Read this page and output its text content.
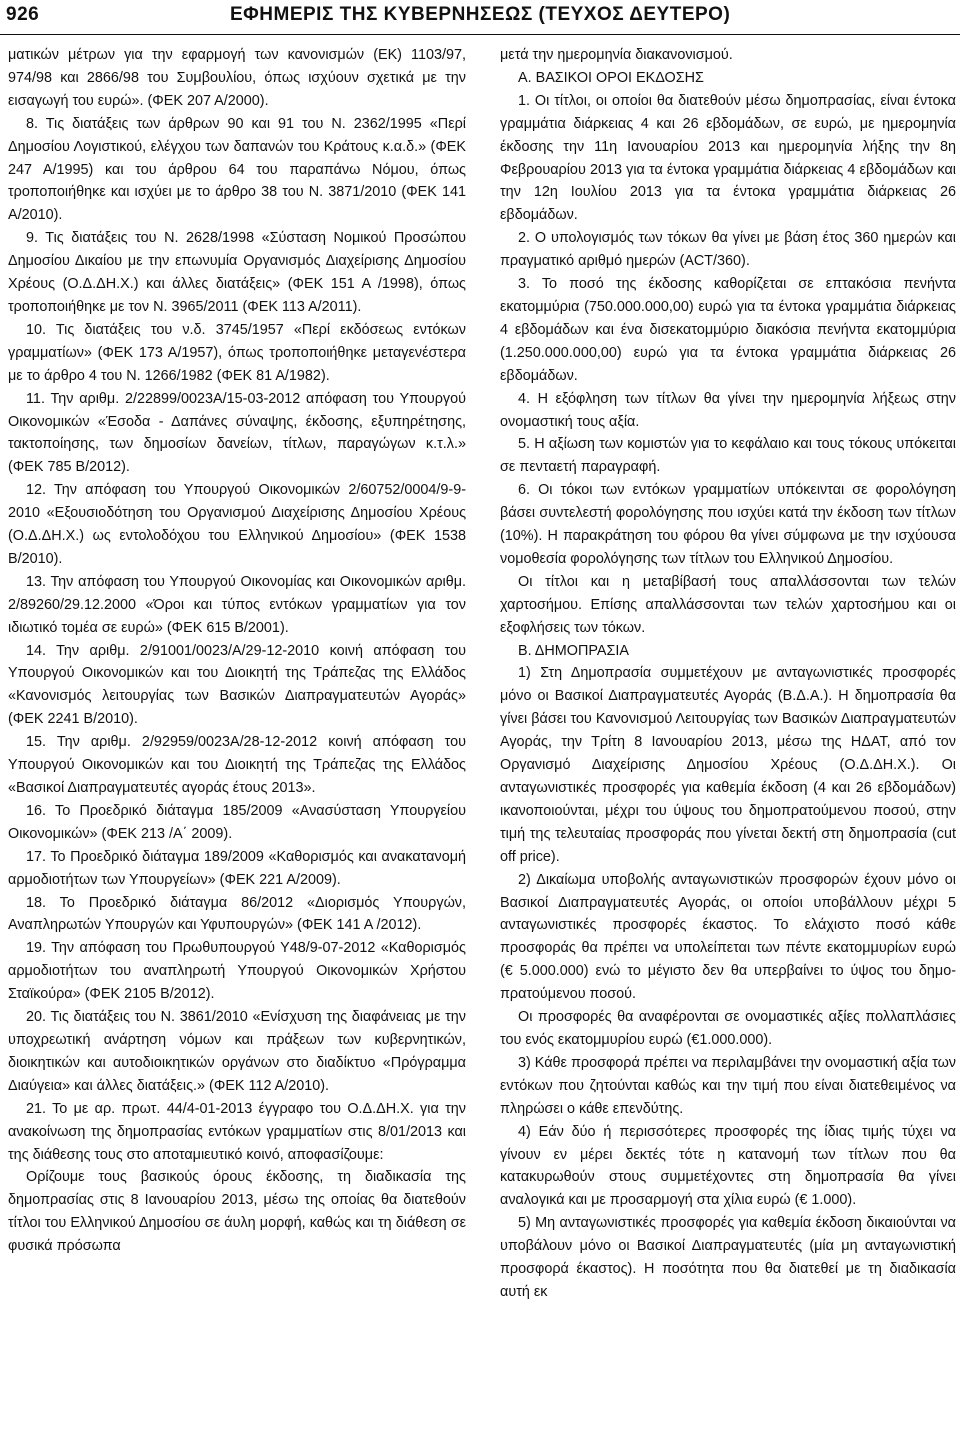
926	ΕΦΗΜΕΡΙΣ ΤΗΣ ΚΥΒΕΡΝΗΣΕΩΣ (ΤΕΥΧΟΣ ΔΕΥΤΕΡΟ)

ματικών μέτρων για την εφαρμογή των κανονισμών (ΕΚ) 1103/97, 974/98 και 2866/98 του Συμβουλίου, όπως ισχύουν σχετικά με την εισαγωγή του ευρώ». (ΦΕΚ 207 Α/2000).

8. Τις διατάξεις των άρθρων 90 και 91 του Ν. 2362/1995 «Περί Δημοσίου Λογιστικού, ελέγχου των δαπανών του Κράτους κ.α.δ.» (ΦΕΚ 247 Α/1995) και του άρθρου 64 του παραπάνω Νόμου, όπως τροποποιήθηκε και ισχύει με το άρθρο 38 του Ν. 3871/2010 (ΦΕΚ 141 Α/2010).

9. Τις διατάξεις του Ν. 2628/1998 «Σύσταση Νομικού Προσώπου Δημοσίου Δικαίου με την επωνυμία Οργανισμός Διαχείρισης Δημοσίου Χρέους (Ο.Δ.ΔΗ.Χ.) και άλλες διατάξεις» (ΦΕΚ 151 Α /1998), όπως τροποποιήθηκε με τον Ν. 3965/2011 (ΦΕΚ 113 Α/2011).

10. Τις διατάξεις του ν.δ. 3745/1957 «Περί εκδόσεως εντόκων γραμματίων» (ΦΕΚ 173 Α/1957), όπως τροποποιήθηκε μεταγενέστερα με το άρθρο 4 του Ν. 1266/1982 (ΦΕΚ 81 Α/1982).

11. Την αριθμ. 2/22899/0023Α/15-03-2012 απόφαση του Υπουργού Οικονομικών «Έσοδα - Δαπάνες σύναψης, έκδοσης, εξυπηρέτησης, τακτοποίησης, των δημοσίων δανείων, τίτλων, παραγώγων κ.τ.λ.» (ΦΕΚ 785 Β/2012).

12. Την απόφαση του Υπουργού Οικονομικών 2/60752/0004/9-9-2010 «Εξουσιοδότηση του Οργανισμού Διαχείρισης Δημοσίου Χρέους (Ο.Δ.ΔΗ.Χ.) ως εντολοδόχου του Ελληνικού Δημοσίου» (ΦΕΚ 1538 Β/2010).

13. Την απόφαση του Υπουργού Οικονομίας και Οικονομικών αριθμ. 2/89260/29.12.2000 «Όροι και τύπος εντόκων γραμματίων για τον ιδιωτικό τομέα σε ευρώ» (ΦΕΚ 615 Β/2001).

14. Την αριθμ. 2/91001/0023/Α/29-12-2010 κοινή απόφαση του Υπουργού Οικονομικών και του Διοικητή της Τράπεζας της Ελλάδος «Κανονισμός λειτουργίας των Βασικών Διαπραγματευτών Αγοράς» (ΦΕΚ 2241 Β/2010).

15. Την αριθμ. 2/92959/0023Α/28-12-2012 κοινή απόφαση του Υπουργού Οικονομικών και του Διοικητή της Τράπεζας της Ελλάδος «Βασικοί Διαπραγματευτές αγοράς έτους 2013».

16. Το Προεδρικό διάταγμα 185/2009 «Ανασύσταση Υπουργείου Οικονομικών» (ΦΕΚ 213 /Α΄ 2009).

17. Το Προεδρικό διάταγμα 189/2009 «Καθορισμός και ανακατανομή αρμοδιοτήτων των Υπουργείων» (ΦΕΚ 221 Α/2009).

18. Το Προεδρικό διάταγμα 86/2012 «Διορισμός Υπουργών, Αναπληρωτών Υπουργών και Υφυπουργών» (ΦΕΚ 141 Α /2012).

19. Την απόφαση του Πρωθυπουργού Υ48/9-07-2012 «Καθορισμός αρμοδιοτήτων του αναπληρωτή Υπουργού Οικονομικών Χρήστου Σταϊκούρα» (ΦΕΚ 2105 Β/2012).

20. Τις διατάξεις του Ν. 3861/2010 «Ενίσχυση της διαφάνειας με την υποχρεωτική ανάρτηση νόμων και πράξεων των κυβερνητικών, διοικητικών και αυτοδιοικητικών οργάνων στο διαδίκτυο «Πρόγραμμα Διαύγεια» και άλλες διατάξεις.» (ΦΕΚ 112 Α/2010).

21. Το με αρ. πρωτ. 44/4-01-2013 έγγραφο του Ο.Δ.ΔΗ.Χ. για την ανακοίνωση της δημοπρασίας εντόκων γραμματίων στις 8/01/2013 και της διάθεσης τους στο αποταμιευτικό κοινό, αποφασίζουμε:

Ορίζουμε τους βασικούς όρους έκδοσης, τη διαδικασία της δημοπρασίας στις 8 Ιανουαρίου 2013, μέσω της οποίας θα διατεθούν τίτλοι του Ελληνικού Δημοσίου σε άυλη μορφή, καθώς και τη διάθεση σε φυσικά πρόσωπα

μετά την ημερομηνία διακανονισμού.

Α. ΒΑΣΙΚΟΙ ΟΡΟΙ ΕΚΔΟΣΗΣ

1. Οι τίτλοι, οι οποίοι θα διατεθούν μέσω δημοπρασίας, είναι έντοκα γραμμάτια διάρκειας 4 και 26 εβδομάδων, σε ευρώ, με ημερομηνία έκδοσης την 11η Ιανουαρίου 2013 και ημερομηνία λήξης την 8η Φεβρουαρίου 2013 για τα έντοκα γραμμάτια διάρκειας 4 εβδομάδων και την 12η Ιουλίου 2013 για τα έντοκα γραμμάτια διάρκειας 26 εβδομάδων.

2. Ο υπολογισμός των τόκων θα γίνει με βάση έτος 360 ημερών και πραγματικό αριθμό ημερών (ACT/360).

3. Το ποσό της έκδοσης καθορίζεται σε επτακόσια πενήντα εκατομμύρια (750.000.000,00) ευρώ για τα έντοκα γραμμάτια διάρκειας 4 εβδομάδων και ένα δισεκατομμύριο διακόσια πενήντα εκατομμύρια (1.250.000.000,00) ευρώ για τα έντοκα γραμμάτια διάρκειας 26 εβδομάδων.

4. Η εξόφληση των τίτλων θα γίνει την ημερομηνία λήξεως στην ονομαστική τους αξία.

5. Η αξίωση των κομιστών για το κεφάλαιο και τους τόκους υπόκειται σε πενταετή παραγραφή.

6. Οι τόκοι των εντόκων γραμματίων υπόκεινται σε φορολόγηση βάσει συντελεστή φορολόγησης που ισχύει κατά την έκδοση των τίτλων (10%). Η παρακράτηση του φόρου θα γίνει σύμφωνα με την ισχύουσα νομοθεσία φορολόγησης των τίτλων του Ελληνικού Δημοσίου.

Οι τίτλοι και η μεταβίβασή τους απαλλάσσονται των τελών χαρτοσήμου. Επίσης απαλλάσσονται των τελών χαρτοσήμου και οι εξοφλήσεις των τόκων.

Β. ΔΗΜΟΠΡΑΣΙΑ

1) Στη Δημοπρασία συμμετέχουν με ανταγωνιστικές προσφορές μόνο οι Βασικοί Διαπραγματευτές Αγοράς (Β.Δ.Α.). Η δημοπρασία θα γίνει βάσει του Κανονισμού Λειτουργίας των Βασικών Διαπραγματευτών Αγοράς, την Τρίτη 8 Ιανουαρίου 2013, μέσω της ΗΔΑΤ, από τον Οργανισμό Διαχείρισης Δημοσίου Χρέους (Ο.Δ.ΔΗ.Χ.). Οι ανταγωνιστικές προσφορές για καθεμία έκδοση (4 και 26 εβδομάδων) ικανοποιούνται, μέχρι του ύψους του δημοπρατούμενου ποσού, στην τιμή της τελευταίας προσφοράς που γίνεται δεκτή στη δημοπρασία (cut off price).

2) Δικαίωμα υποβολής ανταγωνιστικών προσφορών έχουν μόνο οι Βασικοί Διαπραγματευτές Αγοράς, οι οποίοι υποβάλλουν μέχρι 5 ανταγωνιστικές προσφορές έκαστος. Το ελάχιστο ποσό κάθε προσφοράς θα πρέπει να υπολείπεται των πέντε εκατομμυρίων ευρώ (€ 5.000.000) ενώ το μέγιστο δεν θα υπερβαίνει το ύψος του δημοπρατούμενου ποσού.

Οι προσφορές θα αναφέρονται σε ονομαστικές αξίες πολλαπλάσιες του ενός εκατομμυρίου ευρώ (€1.000.000).

3) Κάθε προσφορά πρέπει να περιλαμβάνει την ονομαστική αξία των εντόκων που ζητούνται καθώς και την τιμή που είναι διατεθειμένος να πληρώσει ο κάθε επενδύτης.

4) Εάν δύο ή περισσότερες προσφορές της ίδιας τιμής τύχει να γίνουν εν μέρει δεκτές τότε η κατανομή των τίτλων που θα κατακυρωθούν στους συμμετέχοντες στη δημοπρασία θα γίνει αναλογικά και με προσαρμογή στα χίλια ευρώ (€ 1.000).

5) Μη ανταγωνιστικές προσφορές για καθεμία έκδοση δικαιούνται να υποβάλουν μόνο οι Βασικοί Διαπραγματευτές (μία μη ανταγωνιστική προσφορά έκαστος). Η ποσότητα που θα διατεθεί με τη διαδικασία αυτή εκ
